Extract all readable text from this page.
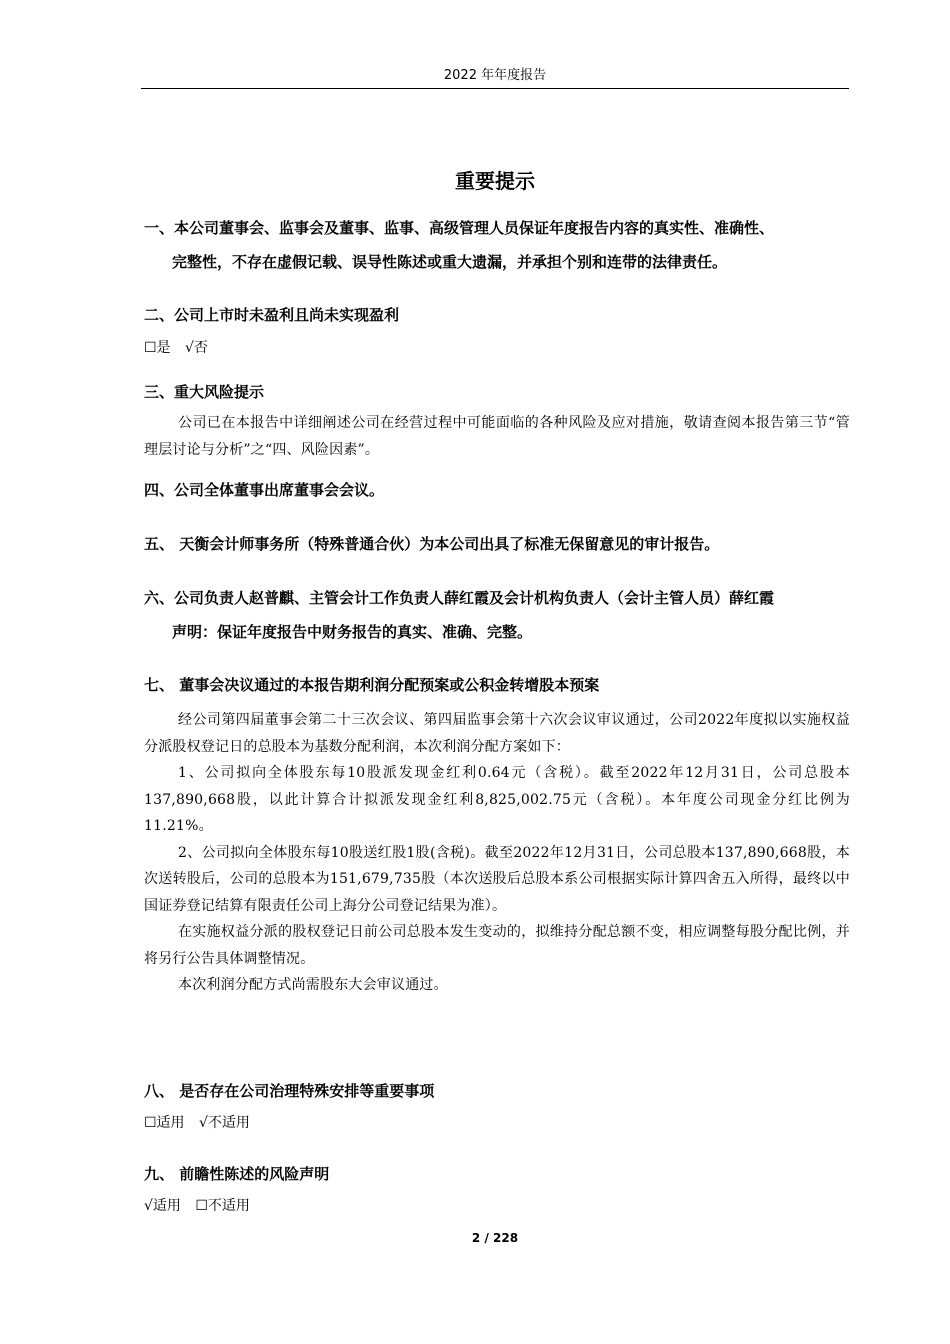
2022 年年度报告
重要提示
一、本公司董事会、监事会及董事、监事、高级管理人员保证年度报告内容的真实性、准确性、
完整性，不存在虚假记载、误导性陈述或重大遗漏，并承担个别和连带的法律责任。
二、公司上市时未盈利且尚未实现盈利
☐是 √否
三、重大风险提示
公司已在本报告中详细阐述公司在经营过程中可能面临的各种风险及应对措施，敬请查阅本报告第三节“管理层讨论与分析”之“四、风险因素”。
四、公司全体董事出席董事会会议。
五、 天衡会计师事务所（特殊普通合伙）为本公司出具了标准无保留意见的审计报告。
六、公司负责人赵普麒、主管会计工作负责人薛红霞及会计机构负责人（会计主管人员）薛红霞
声明：保证年度报告中财务报告的真实、准确、完整。
七、 董事会决议通过的本报告期利润分配预案或公积金转增股本预案
经公司第四届董事会第二十三次会议、第四届监事会第十六次会议审议通过，公司2022年度拟以实施权益分派股权登记日的总股本为基数分配利润，本次利润分配方案如下：
1、公司拟向全体股东每10股派发现金红利0.64元（含税）。截至2022年12月31日，公司总股本137,890,668股，以此计算合计拟派发现金红利8,825,002.75元（含税）。本年度公司现金分红比例为11.21%。
2、公司拟向全体股东每10股送红股1股(含税)。截至2022年12月31日，公司总股本137,890,668股，本次送转股后，公司的总股本为151,679,735股（本次送股后总股本系公司根据实际计算四舍五入所得，最终以中国证券登记结算有限责任公司上海分公司登记结果为准）。
在实施权益分派的股权登记日前公司总股本发生变动的，拟维持分配总额不变，相应调整每股分配比例，并将另行公告具体调整情况。
本次利润分配方式尚需股东大会审议通过。
八、 是否存在公司治理特殊安排等重要事项
☐适用 √不适用
九、 前瞻性陈述的风险声明
√适用 ☐不适用
2 / 228
